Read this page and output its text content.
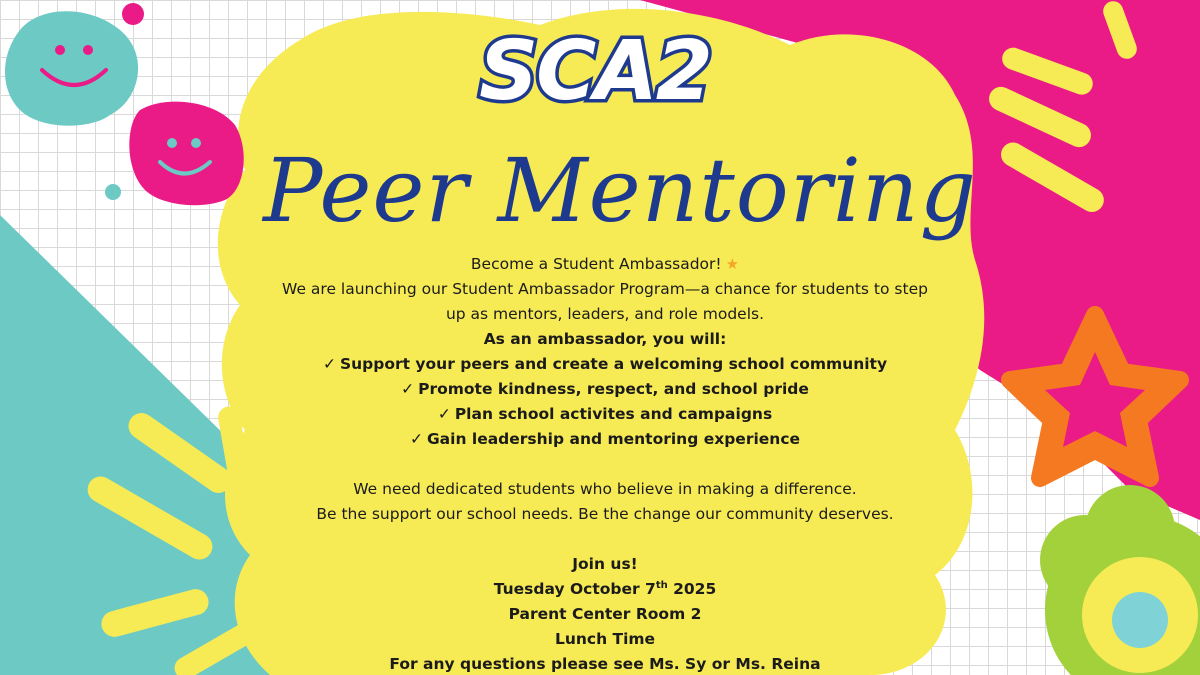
SCA2
Peer Mentoring
Become a Student Ambassador! ★
We are launching our Student Ambassador Program—a chance for students to step
up as mentors, leaders, and role models.
As an ambassador, you will:
✓ Support your peers and create a welcoming school community
✓ Promote kindness, respect, and school pride
✓ Plan school activites and campaigns
✓ Gain leadership and mentoring experience
We need dedicated students who believe in making a difference.
Be the support our school needs. Be the change our community deserves.
Join us!
Tuesday October 7th 2025
Parent Center Room 2
Lunch Time
For any questions please see Ms. Sy or Ms. Reina
